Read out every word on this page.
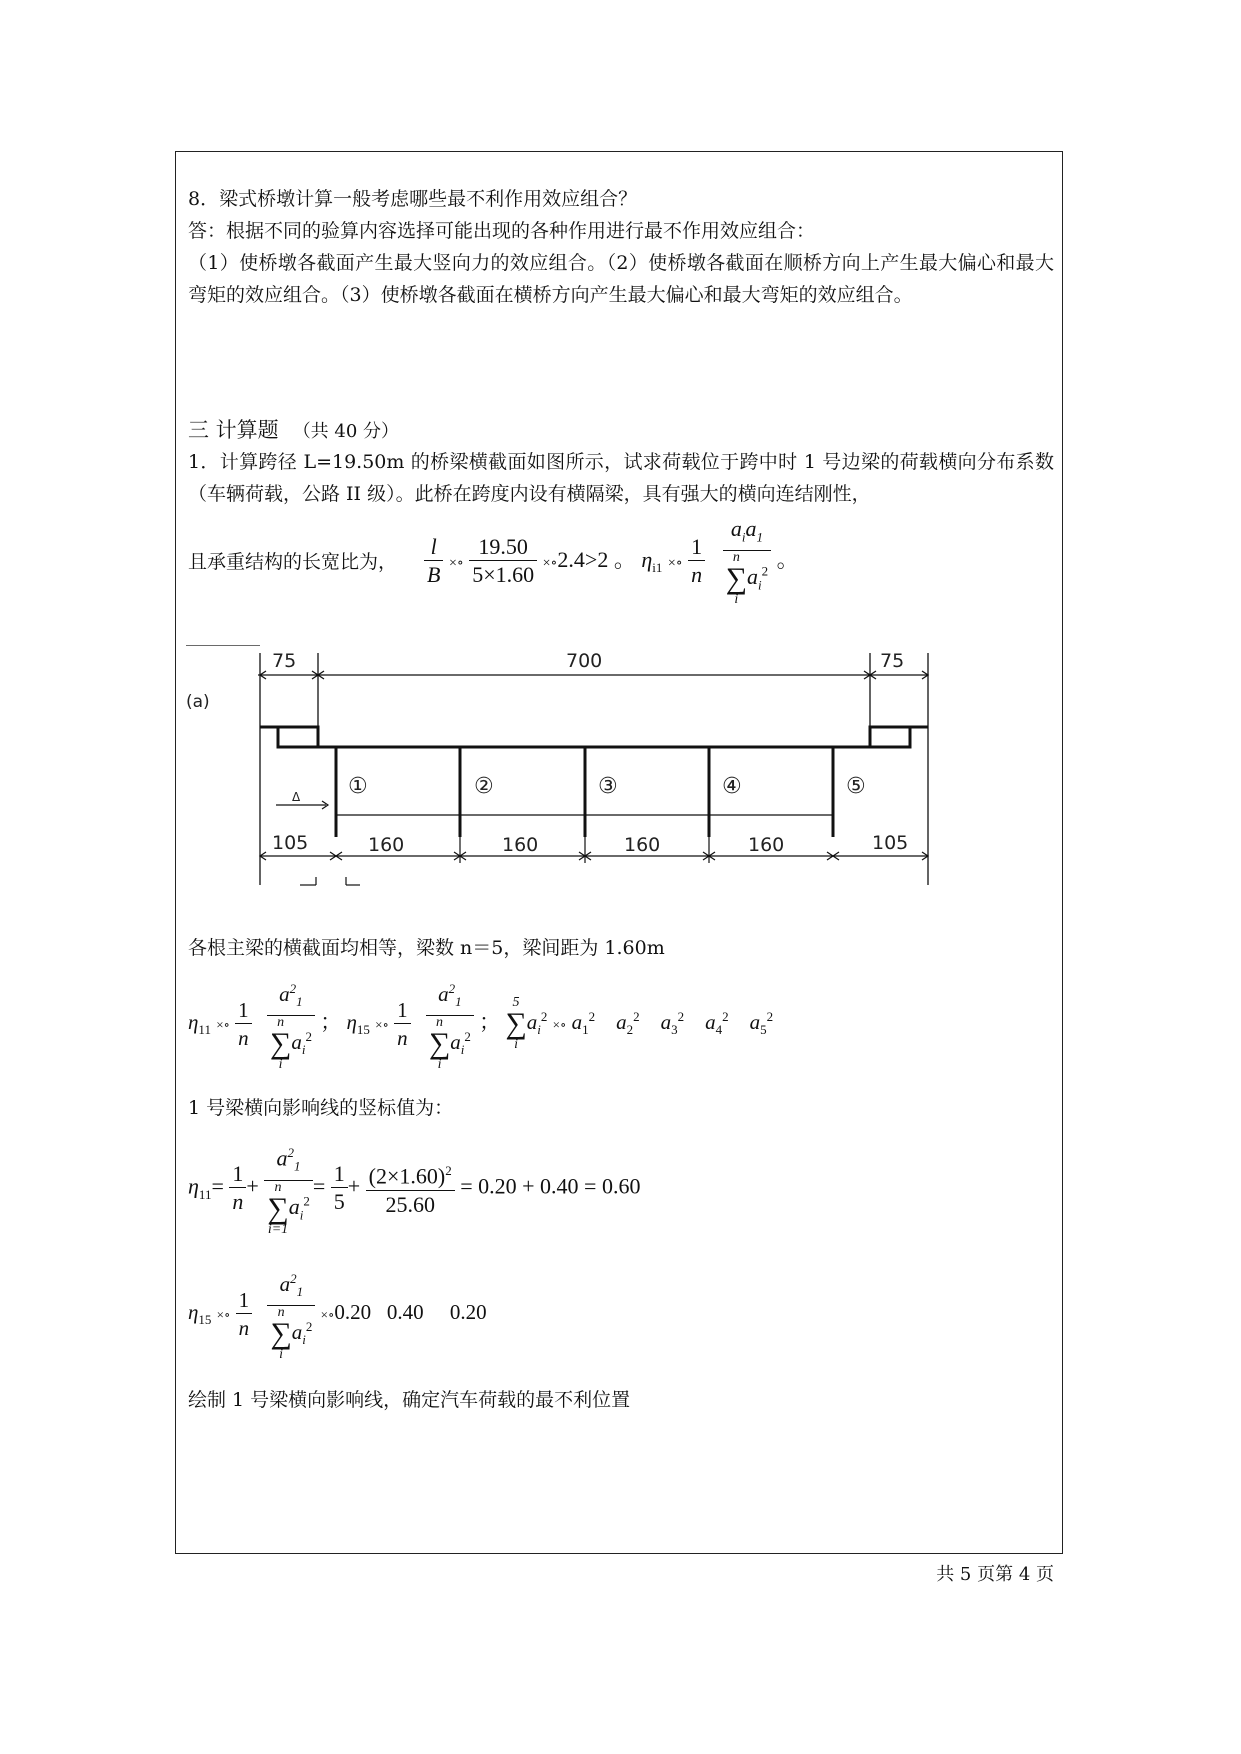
8．梁式桥墩计算一般考虑哪些最不利作用效应组合？
答：根据不同的验算内容选择可能出现的各种作用进行最不作用效应组合：
（1）使桥墩各截面产生最大竖向力的效应组合。（2）使桥墩各截面在顺桥方向上产生最大偏心和最大弯矩的效应组合。（3）使桥墩各截面在横桥方向产生最大偏心和最大弯矩的效应组合。
三 计算题 （共 40 分）
1．计算跨径 L=19.50m 的桥梁横截面如图所示，试求荷载位于跨中时 1 号边梁的荷载横向分布系数（车辆荷载，公路 II 级）。此桥在跨度内设有横隔梁，具有强大的横向连结刚性，
且承重结构的长宽比为， $\frac{l}{B}$ ×∘ $\frac{19.50}{5\times 1.60}$ ×∘2.4>2 。 $\eta_{i1}$ ×∘ $\frac{1}{n}$
$a_ia_1$
n
∑
$ia_i^2$ 。
75	700	75
(a)
Δ ①	②	③	④	⑤
105	160	160	160	160	105
各根主梁的横截面均相等，梁数 n＝5，梁间距为 1.60m
$\eta_{11}$ ×∘ $\frac{1}{n}$
$a^2_1$
n
∑
$ia_i^2$ ； $\eta_{15}$ ×∘ $\frac{1}{n}$
$a^2_1$
n
∑
$ia_i^2$ ； 5
∑
$ia_i^2$ ×∘ $a_1^2$ $a_2^2$ $a_3^2$ $a_4^2$ $a_5^2$
1 号梁横向影响线的竖标值为：
$\eta_{11}= \frac{1}{n} + a^2_1$
n
∑
$i=1a_i^2 = \frac{1}{5} + \frac{(2\times 1.60)^2}{25.60} = 0.20 + 0.40 = 0.60$
$\eta_{15}$ ×∘ $\frac{1}{n}$
$a^2_1$
n
∑
$ia_i^2$ ×∘0.20   0.40     0.20
绘制 1 号梁横向影响线，确定汽车荷载的最不利位置
共 5 页第 4 页
